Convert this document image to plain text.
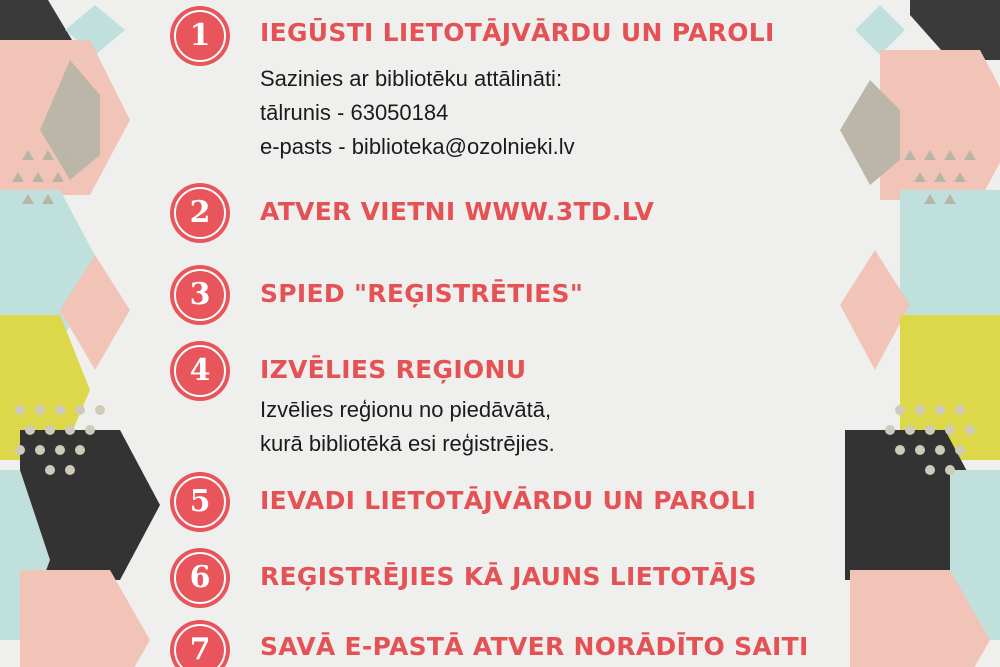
1	IEGŪSTI LIETOTĀJVĀRDU UN PAROLI
Sazinies ar bibliotēku attālināti:
tālrunis - 63050184
e-pasts - biblioteka@ozolnieki.lv
2	ATVER VIETNI WWW.3TD.LV
3	SPIED "REĢISTRĒTIES"
4	IZVĒLIES REĢIONU
Izvēlies reģionu no piedāvātā,
kurā bibliotēkā esi reģistrējies.
5	IEVADI LIETOTĀJVĀRDU UN PAROLI
6	REĢISTRĒJIES KĀ JAUNS LIETOTĀJS
7	SAVĀ E-PASTĀ ATVER NORĀDĪTO SAITI
